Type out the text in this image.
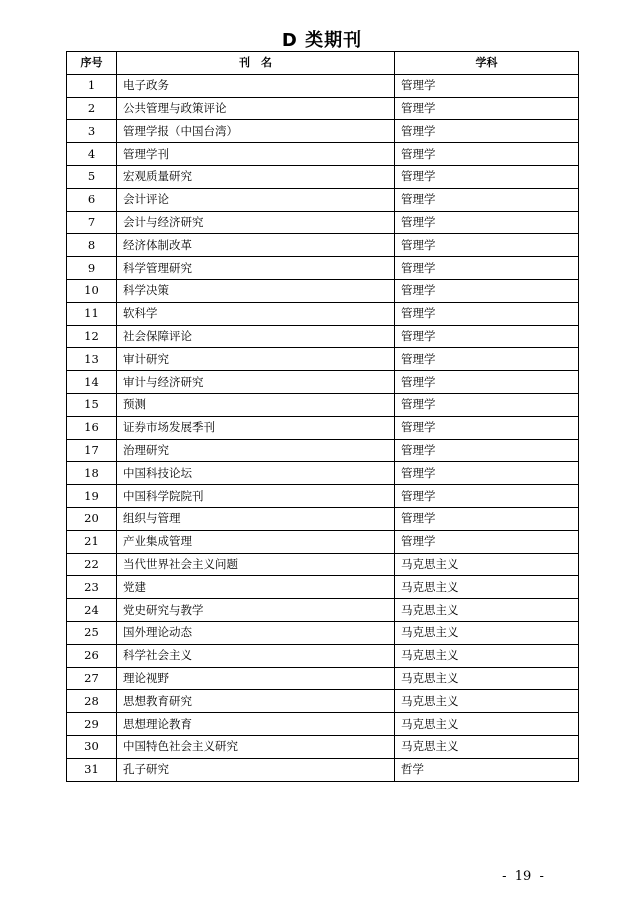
D 类期刊
序号	刊　名	学科
1	电子政务	管理学
2	公共管理与政策评论	管理学
3	管理学报（中国台湾）	管理学
4	管理学刊	管理学
5	宏观质量研究	管理学
6	会计评论	管理学
7	会计与经济研究	管理学
8	经济体制改革	管理学
9	科学管理研究	管理学
10	科学决策	管理学
11	软科学	管理学
12	社会保障评论	管理学
13	审计研究	管理学
14	审计与经济研究	管理学
15	预测	管理学
16	证券市场发展季刊	管理学
17	治理研究	管理学
18	中国科技论坛	管理学
19	中国科学院院刊	管理学
20	组织与管理	管理学
21	产业集成管理	管理学
22	当代世界社会主义问题	马克思主义
23	党建	马克思主义
24	党史研究与教学	马克思主义
25	国外理论动态	马克思主义
26	科学社会主义	马克思主义
27	理论视野	马克思主义
28	思想教育研究	马克思主义
29	思想理论教育	马克思主义
30	中国特色社会主义研究	马克思主义
31	孔子研究	哲学
-  19  -
